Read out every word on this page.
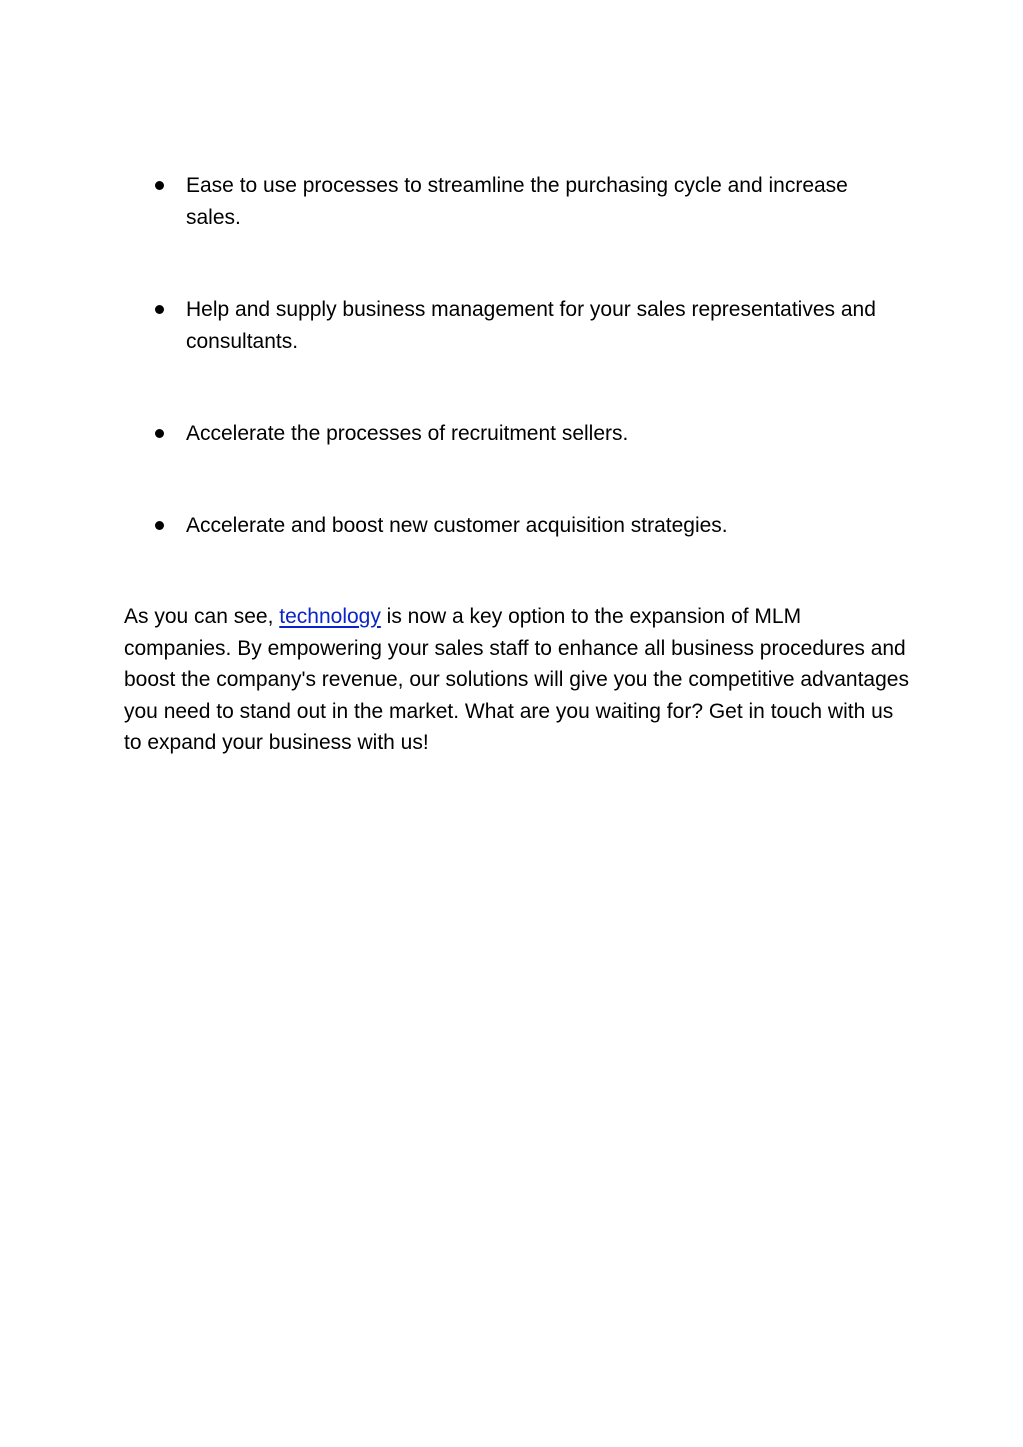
Ease to use processes to streamline the purchasing cycle and increase sales.
Help and supply business management for your sales representatives and consultants.
Accelerate the processes of recruitment sellers.
Accelerate and boost new customer acquisition strategies.

As you can see, technology is now a key option to the expansion of MLM companies. By empowering your sales staff to enhance all business procedures and boost the company's revenue, our solutions will give you the competitive advantages you need to stand out in the market. What are you waiting for? Get in touch with us to expand your business with us!
